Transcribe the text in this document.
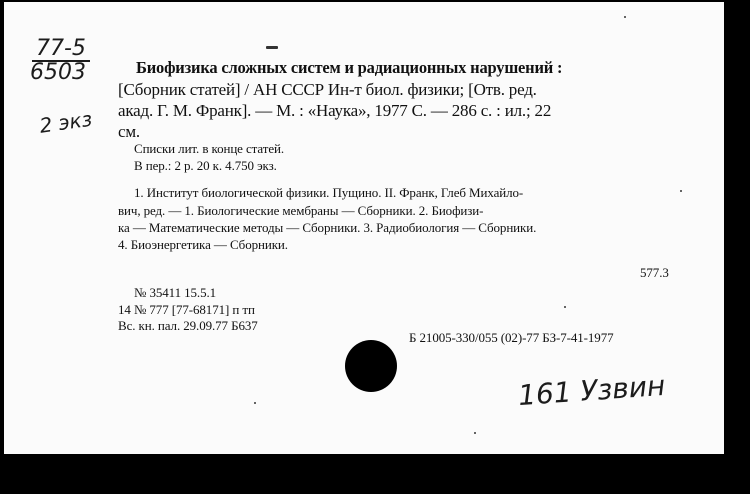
77-5
6503
2 экз
Биофизика сложных систем и радиационных нарушений :
[Сборник статей] / АН СССР Ин-т биол. физики; [Отв. ред.
акад. Г. М. Франк]. — М. : «Наука», 1977 С. — 286 с. : ил.; 22
см.
Списки лит. в конце статей.
В пер.: 2 р. 20 к. 4.750 экз.
1. Институт биологической физики. Пущино. II. Франк, Глеб Михайло-
вич, ред. — 1. Биологические мембраны — Сборники. 2. Биофизи-
ка — Математические методы — Сборники. 3. Радиобиология — Сборники.
4. Биоэнергетика — Сборники.
577.3
№ 35411 15.5.1
14 № 777 [77-68171] п тп
Вс. кн. пал. 29.09.77 Б637
Б 21005-330/055 (02)-77 БЗ-7-41-1977
161 Узвин
